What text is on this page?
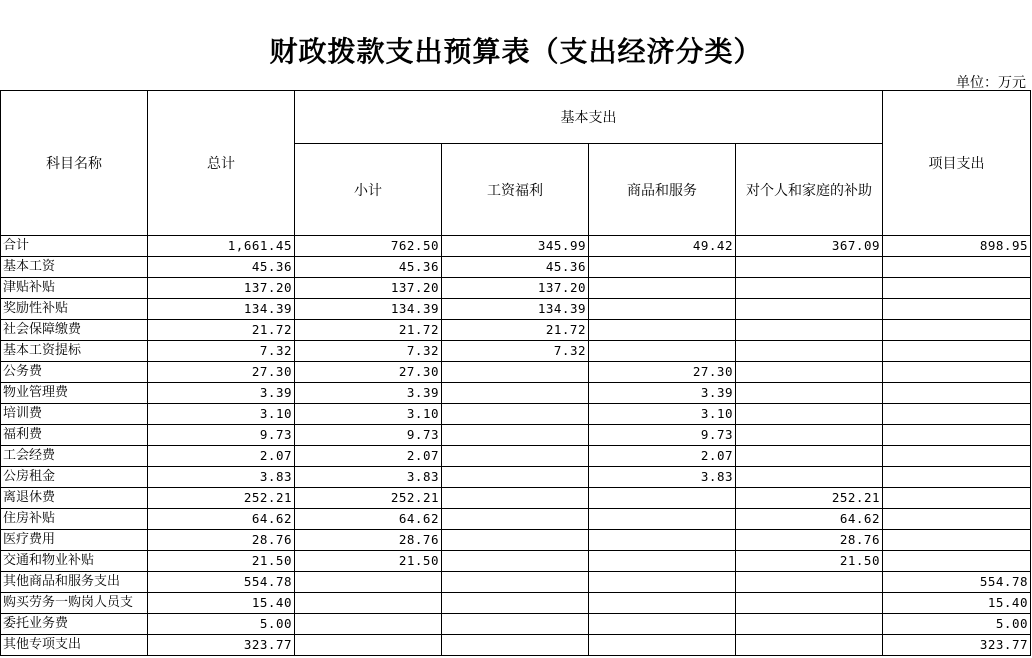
财政拨款支出预算表（支出经济分类）
单位：万元
科目名称	总计	基本支出				项目支出
		小计	工资福利	商品和服务	对个人和家庭的补助	
合计	1,661.45	762.50	345.99	49.42	367.09	898.95
基本工资	45.36	45.36	45.36			
津贴补贴	137.20	137.20	137.20			
奖励性补贴	134.39	134.39	134.39			
社会保障缴费	21.72	21.72	21.72			
基本工资提标	7.32	7.32	7.32			
公务费	27.30	27.30		27.30		
物业管理费	3.39	3.39		3.39		
培训费	3.10	3.10		3.10		
福利费	9.73	9.73		9.73		
工会经费	2.07	2.07		2.07		
公房租金	3.83	3.83		3.83		
离退休费	252.21	252.21			252.21	
住房补贴	64.62	64.62			64.62	
医疗费用	28.76	28.76			28.76	
交通和物业补贴	21.50	21.50			21.50	
其他商品和服务支出	554.78					554.78
购买劳务一购岗人员支	15.40					15.40
委托业务费	5.00					5.00
其他专项支出	323.77					323.77
